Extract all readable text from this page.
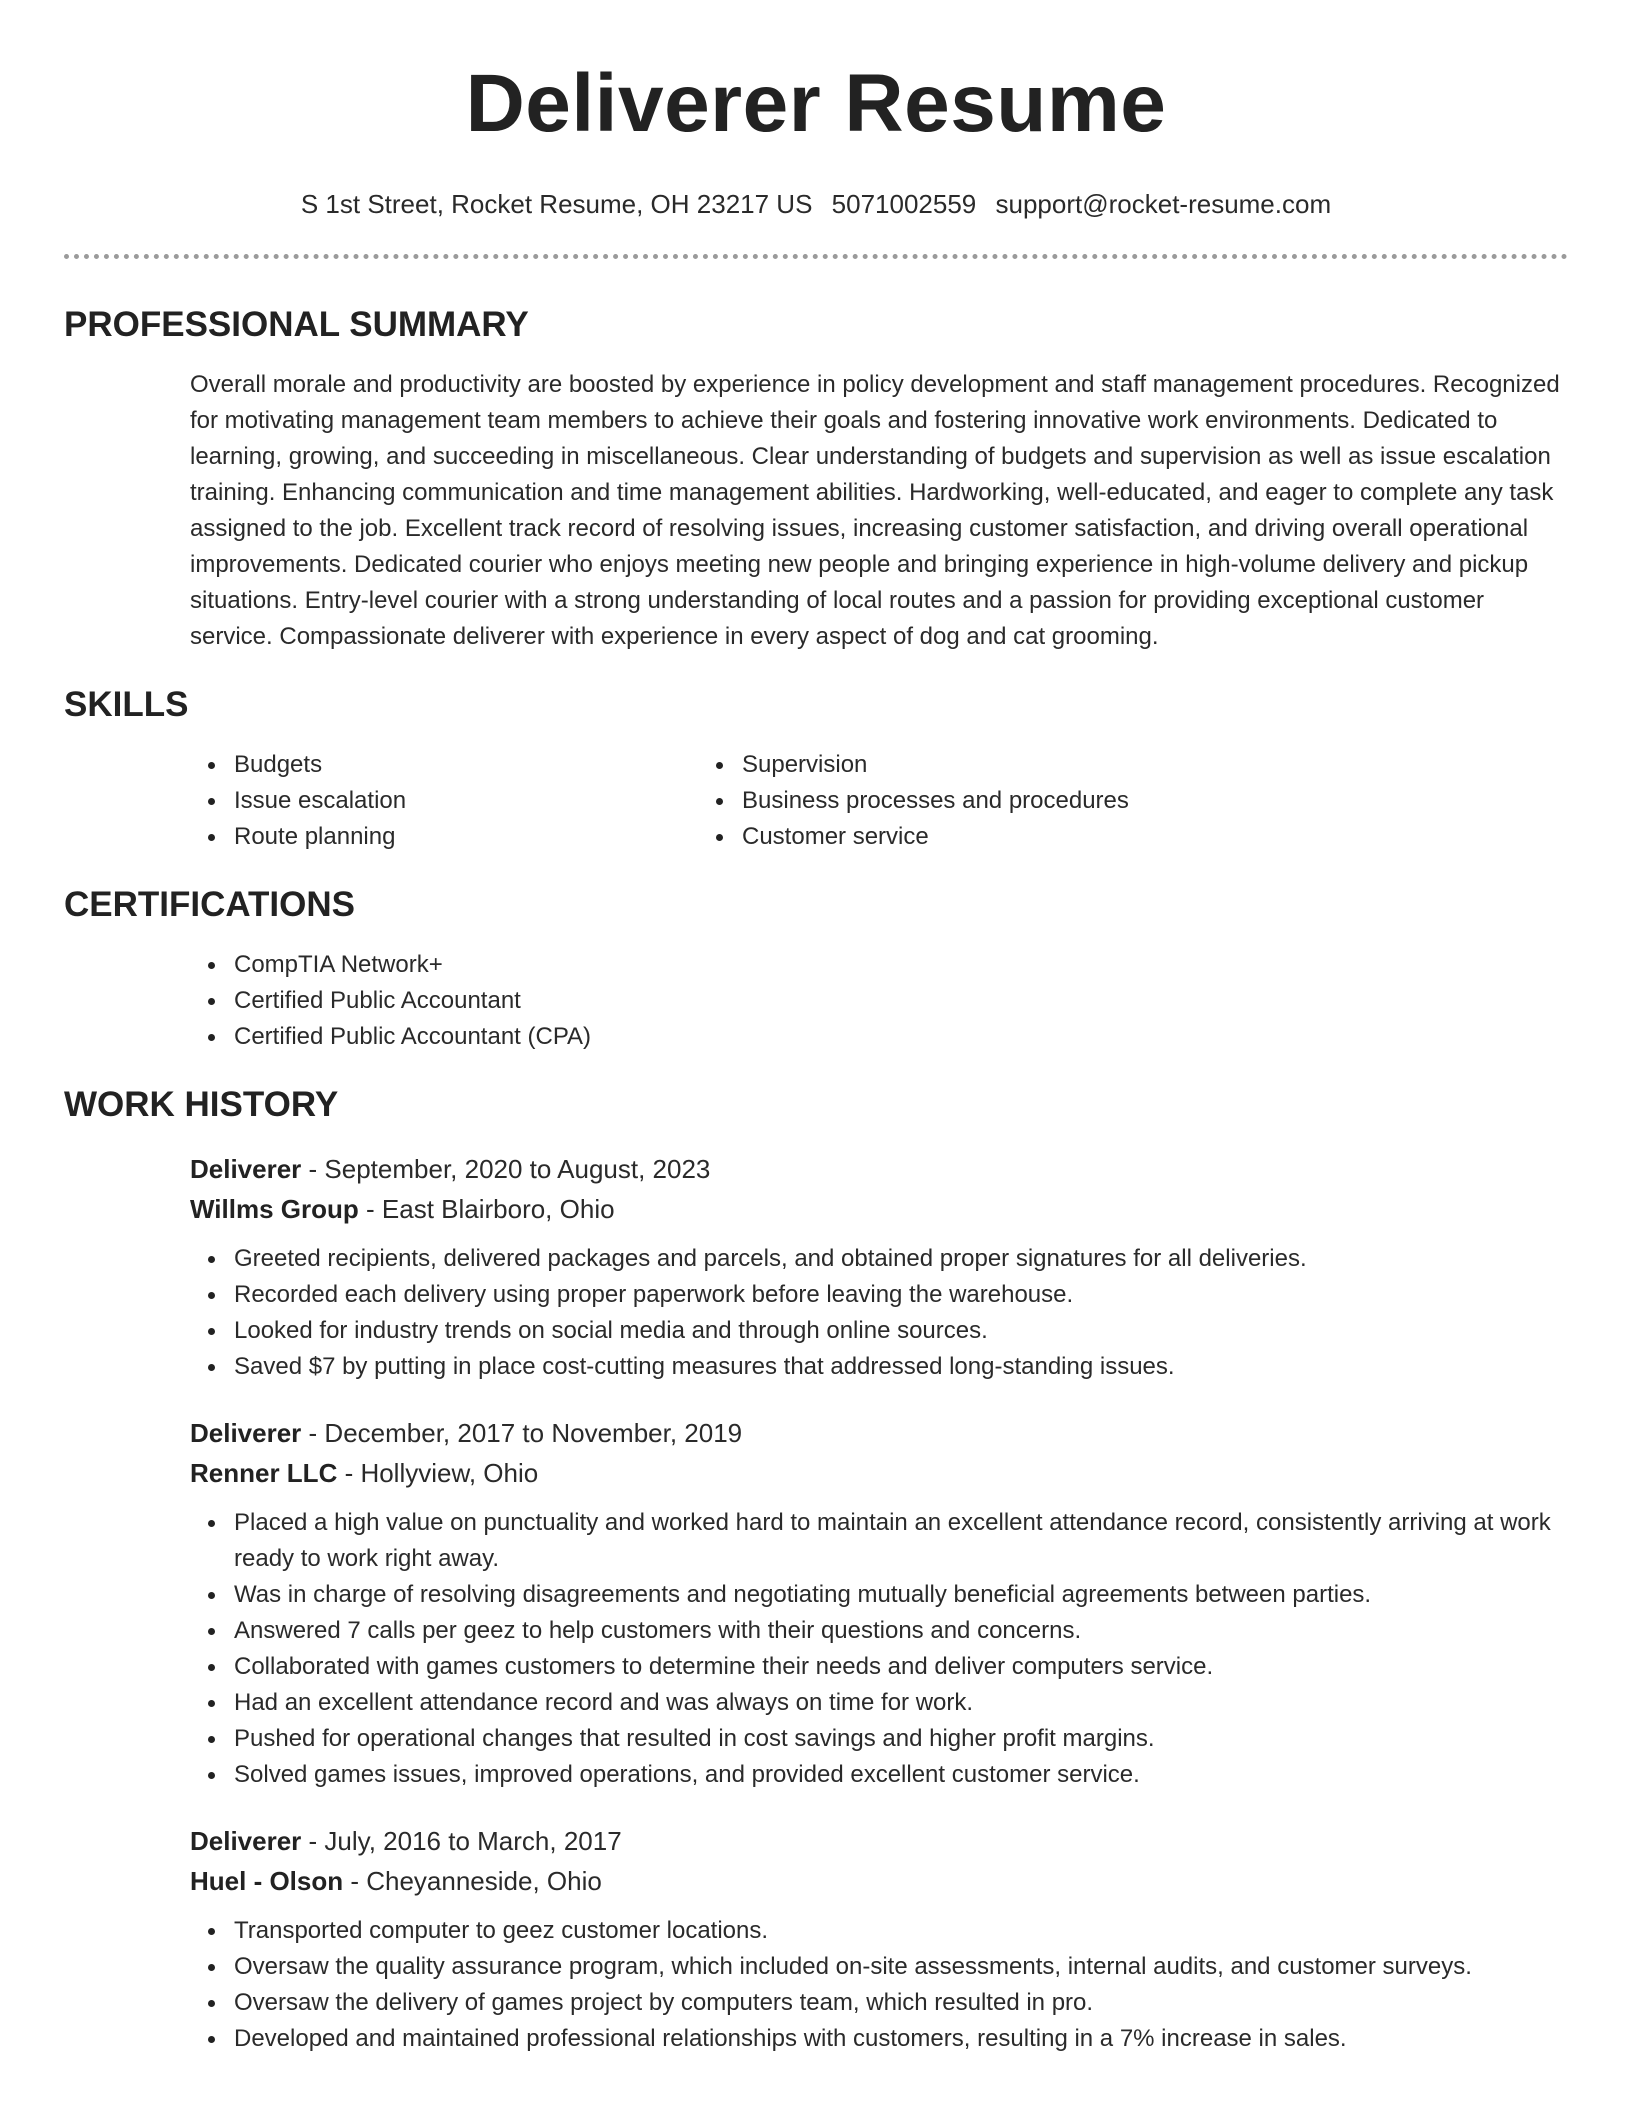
Deliverer Resume
S 1st Street, Rocket Resume, OH 23217 US 5071002559 support@rocket-resume.com
PROFESSIONAL SUMMARY

Overall morale and productivity are boosted by experience in policy development and staff management procedures. Recognized for motivating management team members to achieve their goals and fostering innovative work environments. Dedicated to learning, growing, and succeeding in miscellaneous. Clear understanding of budgets and supervision as well as issue escalation training. Enhancing communication and time management abilities. Hardworking, well-educated, and eager to complete any task assigned to the job. Excellent track record of resolving issues, increasing customer satisfaction, and driving overall operational improvements. Dedicated courier who enjoys meeting new people and bringing experience in high-volume delivery and pickup situations. Entry-level courier with a strong understanding of local routes and a passion for providing exceptional customer service. Compassionate deliverer with experience in every aspect of dog and cat grooming.

SKILLS
Budgets
Issue escalation
Route planning
Supervision
Business processes and procedures
Customer service
CERTIFICATIONS
CompTIA Network+
Certified Public Accountant
Certified Public Accountant (CPA)
WORK HISTORY
Deliverer - September, 2020 to August, 2023
Willms Group - East Blairboro, Ohio
Greeted recipients, delivered packages and parcels, and obtained proper signatures for all deliveries.
Recorded each delivery using proper paperwork before leaving the warehouse.
Looked for industry trends on social media and through online sources.
Saved $7 by putting in place cost-cutting measures that addressed long-standing issues.
Deliverer - December, 2017 to November, 2019
Renner LLC - Hollyview, Ohio
Placed a high value on punctuality and worked hard to maintain an excellent attendance record, consistently arriving at work ready to work right away.
Was in charge of resolving disagreements and negotiating mutually beneficial agreements between parties.
Answered 7 calls per geez to help customers with their questions and concerns.
Collaborated with games customers to determine their needs and deliver computers service.
Had an excellent attendance record and was always on time for work.
Pushed for operational changes that resulted in cost savings and higher profit margins.
Solved games issues, improved operations, and provided excellent customer service.
Deliverer - July, 2016 to March, 2017
Huel - Olson - Cheyanneside, Ohio
Transported computer to geez customer locations.
Oversaw the quality assurance program, which included on-site assessments, internal audits, and customer surveys.
Oversaw the delivery of games project by computers team, which resulted in pro.
Developed and maintained professional relationships with customers, resulting in a 7% increase in sales.
